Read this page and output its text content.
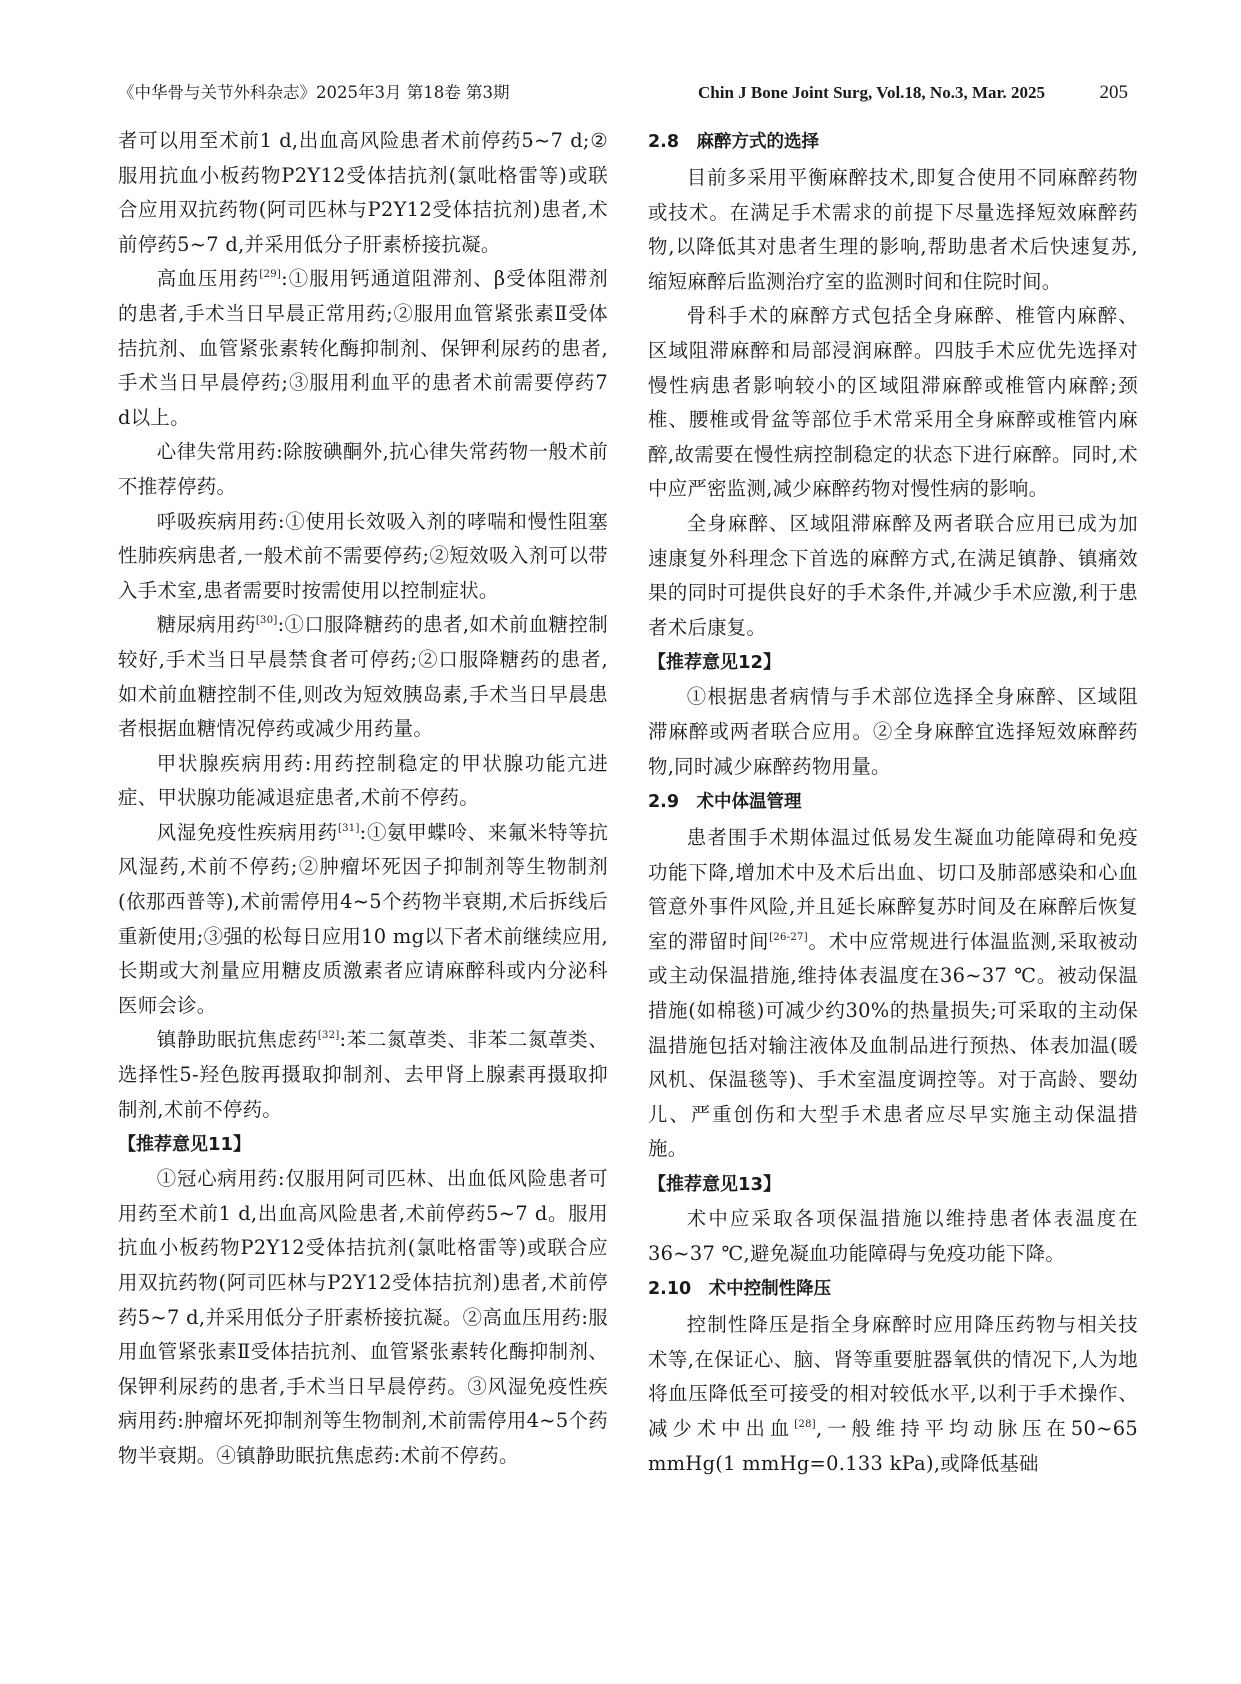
《中华骨与关节外科杂志》2025年3月 第18卷 第3期	Chin J Bone Joint Surg, Vol.18, No.3, Mar. 2025	205

者可以用至术前1 d,出血高风险患者术前停药5~7 d;②服用抗血小板药物P2Y12受体拮抗剂(氯吡格雷等)或联合应用双抗药物(阿司匹林与P2Y12受体拮抗剂)患者,术前停药5~7 d,并采用低分子肝素桥接抗凝。

高血压用药[29]:①服用钙通道阻滞剂、β受体阻滞剂的患者,手术当日早晨正常用药;②服用血管紧张素Ⅱ受体拮抗剂、血管紧张素转化酶抑制剂、保钾利尿药的患者,手术当日早晨停药;③服用利血平的患者术前需要停药7 d以上。

心律失常用药:除胺碘酮外,抗心律失常药物一般术前不推荐停药。

呼吸疾病用药:①使用长效吸入剂的哮喘和慢性阻塞性肺疾病患者,一般术前不需要停药;②短效吸入剂可以带入手术室,患者需要时按需使用以控制症状。

糖尿病用药[30]:①口服降糖药的患者,如术前血糖控制较好,手术当日早晨禁食者可停药;②口服降糖药的患者,如术前血糖控制不佳,则改为短效胰岛素,手术当日早晨患者根据血糖情况停药或减少用药量。

甲状腺疾病用药:用药控制稳定的甲状腺功能亢进症、甲状腺功能减退症患者,术前不停药。

风湿免疫性疾病用药[31]:①氨甲蝶呤、来氟米特等抗风湿药,术前不停药;②肿瘤坏死因子抑制剂等生物制剂(依那西普等),术前需停用4~5个药物半衰期,术后拆线后重新使用;③强的松每日应用10 mg以下者术前继续应用,长期或大剂量应用糖皮质激素者应请麻醉科或内分泌科医师会诊。

镇静助眠抗焦虑药[32]:苯二氮䓬类、非苯二氮䓬类、选择性5-羟色胺再摄取抑制剂、去甲肾上腺素再摄取抑制剂,术前不停药。

【推荐意见11】

①冠心病用药:仅服用阿司匹林、出血低风险患者可用药至术前1 d,出血高风险患者,术前停药5~7 d。服用抗血小板药物P2Y12受体拮抗剂(氯吡格雷等)或联合应用双抗药物(阿司匹林与P2Y12受体拮抗剂)患者,术前停药5~7 d,并采用低分子肝素桥接抗凝。②高血压用药:服用血管紧张素Ⅱ受体拮抗剂、血管紧张素转化酶抑制剂、保钾利尿药的患者,手术当日早晨停药。③风湿免疫性疾病用药:肿瘤坏死抑制剂等生物制剂,术前需停用4~5个药物半衰期。④镇静助眠抗焦虑药:术前不停药。

2.8　麻醉方式的选择

目前多采用平衡麻醉技术,即复合使用不同麻醉药物或技术。在满足手术需求的前提下尽量选择短效麻醉药物,以降低其对患者生理的影响,帮助患者术后快速复苏,缩短麻醉后监测治疗室的监测时间和住院时间。

骨科手术的麻醉方式包括全身麻醉、椎管内麻醉、区域阻滞麻醉和局部浸润麻醉。四肢手术应优先选择对慢性病患者影响较小的区域阻滞麻醉或椎管内麻醉;颈椎、腰椎或骨盆等部位手术常采用全身麻醉或椎管内麻醉,故需要在慢性病控制稳定的状态下进行麻醉。同时,术中应严密监测,减少麻醉药物对慢性病的影响。

全身麻醉、区域阻滞麻醉及两者联合应用已成为加速康复外科理念下首选的麻醉方式,在满足镇静、镇痛效果的同时可提供良好的手术条件,并减少手术应激,利于患者术后康复。

【推荐意见12】

①根据患者病情与手术部位选择全身麻醉、区域阻滞麻醉或两者联合应用。②全身麻醉宜选择短效麻醉药物,同时减少麻醉药物用量。

2.9　术中体温管理

患者围手术期体温过低易发生凝血功能障碍和免疫功能下降,增加术中及术后出血、切口及肺部感染和心血管意外事件风险,并且延长麻醉复苏时间及在麻醉后恢复室的滞留时间[26-27]。术中应常规进行体温监测,采取被动或主动保温措施,维持体表温度在36~37 ℃。被动保温措施(如棉毯)可减少约30%的热量损失;可采取的主动保温措施包括对输注液体及血制品进行预热、体表加温(暖风机、保温毯等)、手术室温度调控等。对于高龄、婴幼儿、严重创伤和大型手术患者应尽早实施主动保温措施。

【推荐意见13】

术中应采取各项保温措施以维持患者体表温度在36~37 ℃,避免凝血功能障碍与免疫功能下降。

2.10　术中控制性降压

控制性降压是指全身麻醉时应用降压药物与相关技术等,在保证心、脑、肾等重要脏器氧供的情况下,人为地将血压降低至可接受的相对较低水平,以利于手术操作、减少术中出血[28],一般维持平均动脉压在50~65 mmHg(1 mmHg=0.133 kPa),或降低基础
